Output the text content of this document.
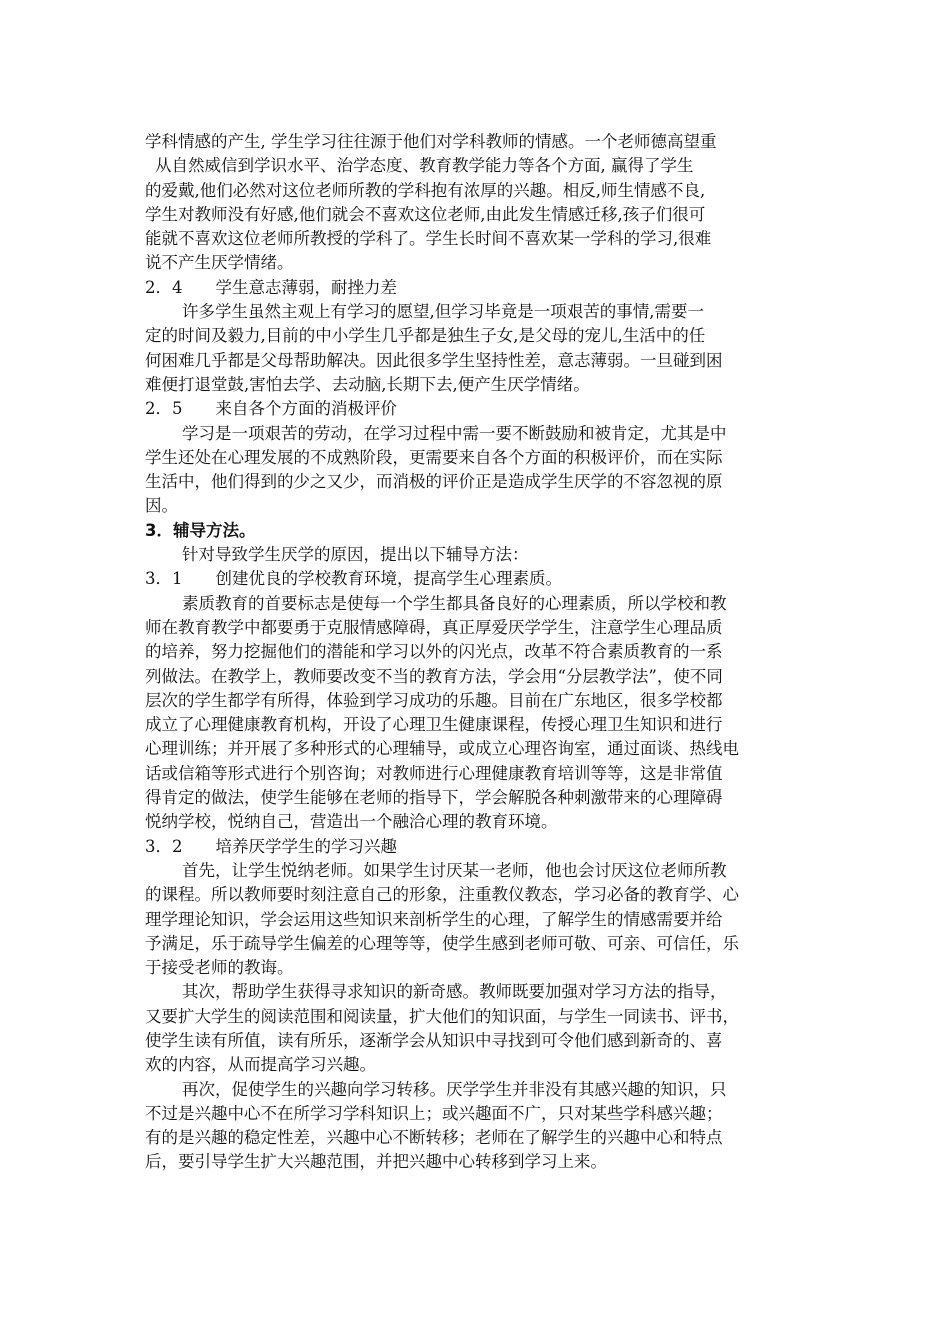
学科情感的产生, 学生学习往往源于他们对学科教师的情感。一个老师德高望重
从自然威信到学识水平、治学态度、教育教学能力等各个方面, 赢得了学生
的爱戴,他们必然对这位老师所教的学科抱有浓厚的兴趣。相反,师生情感不良,
学生对教师没有好感,他们就会不喜欢这位老师,由此发生情感迁移,孩子们很可
能就不喜欢这位老师所教授的学科了。学生长时间不喜欢某一学科的学习,很难
说不产生厌学情绪。
2．4　　学生意志薄弱，耐挫力差
许多学生虽然主观上有学习的愿望,但学习毕竟是一项艰苦的事情,需要一
定的时间及毅力,目前的中小学生几乎都是独生子女,是父母的宠儿,生活中的任
何困难几乎都是父母帮助解决。因此很多学生坚持性差，意志薄弱。一旦碰到困
难便打退堂鼓,害怕去学、去动脑,长期下去,便产生厌学情绪。
2．5　　来自各个方面的消极评价
学习是一项艰苦的劳动，在学习过程中需一要不断鼓励和被肯定，尤其是中
学生还处在心理发展的不成熟阶段，更需要来自各个方面的积极评价，而在实际
生活中，他们得到的少之又少，而消极的评价正是造成学生厌学的不容忽视的原
因。
3．辅导方法。
针对导致学生厌学的原因，提出以下辅导方法：
3．1　　创建优良的学校教育环境，提高学生心理素质。
素质教育的首要标志是使每一个学生都具备良好的心理素质，所以学校和教
师在教育教学中都要勇于克服情感障碍，真正厚爱厌学学生，注意学生心理品质
的培养，努力挖掘他们的潜能和学习以外的闪光点，改革不符合素质教育的一系
列做法。在教学上，教师要改变不当的教育方法，学会用“分层教学法”，使不同
层次的学生都学有所得，体验到学习成功的乐趣。目前在广东地区，很多学校都
成立了心理健康教育机构，开设了心理卫生健康课程，传授心理卫生知识和进行
心理训练；并开展了多种形式的心理辅导，或成立心理咨询室，通过面谈、热线电
话或信箱等形式进行个别咨询；对教师进行心理健康教育培训等等，这是非常值
得肯定的做法，使学生能够在老师的指导下，学会解脱各种刺激带来的心理障碍
悦纳学校，悦纳自己，营造出一个融洽心理的教育环境。
3．2　　培养厌学学生的学习兴趣
首先，让学生悦纳老师。如果学生讨厌某一老师，他也会讨厌这位老师所教
的课程。所以教师要时刻注意自己的形象，注重教仪教态，学习必备的教育学、心
理学理论知识，学会运用这些知识来剖析学生的心理，了解学生的情感需要并给
予满足，乐于疏导学生偏差的心理等等，使学生感到老师可敬、可亲、可信任，乐
于接受老师的教诲。
其次，帮助学生获得寻求知识的新奇感。教师既要加强对学习方法的指导，
又要扩大学生的阅读范围和阅读量，扩大他们的知识面，与学生一同读书、评书，
使学生读有所值，读有所乐，逐渐学会从知识中寻找到可令他们感到新奇的、喜
欢的内容，从而提高学习兴趣。
再次，促使学生的兴趣向学习转移。厌学学生并非没有其感兴趣的知识，只
不过是兴趣中心不在所学习学科知识上；或兴趣面不广，只对某些学科感兴趣；
有的是兴趣的稳定性差，兴趣中心不断转移；老师在了解学生的兴趣中心和特点
后，要引导学生扩大兴趣范围，并把兴趣中心转移到学习上来。
